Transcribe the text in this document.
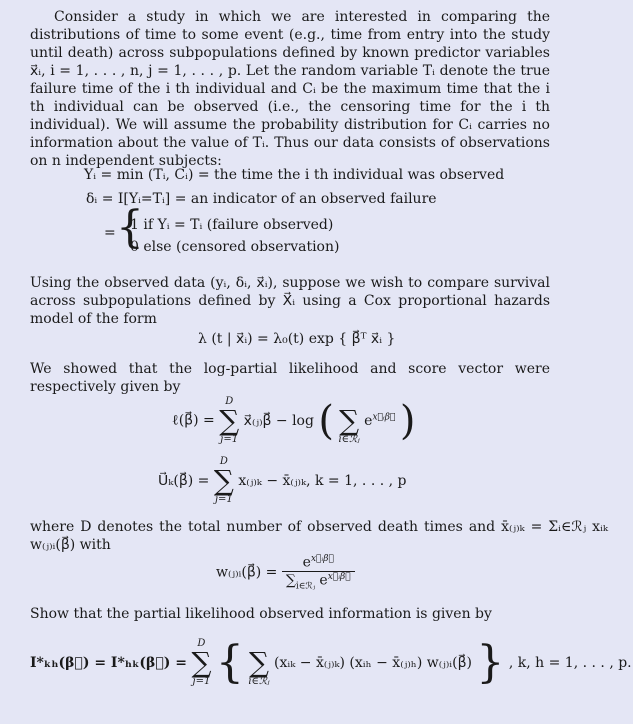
Consider a study in which we are interested in comparing the distributions of time to some event (e.g., time from entry into the study until death) across subpopulations defined by known predictor variables x⃗ᵢ, i = 1, . . . , n, j = 1, . . . , p. Let the random variable Tᵢ denote the true failure time of the i th individual and Cᵢ be the maximum time that the i th individual can be observed (i.e., the censoring time for the i th individual). We will assume the probability distribution for Cᵢ carries no information about the value of Tᵢ. Thus our data consists of observations on n independent subjects:

Yᵢ = min (Tᵢ, Cᵢ) = the time the i th individual was observed
δᵢ = I[Yᵢ=Tᵢ] = an indicator of an observed failure
= {
1 if Yᵢ = Tᵢ (failure observed)
0 else (censored observation)

Using the observed data (yᵢ, δᵢ, x⃗ᵢ), suppose we wish to compare survival across subpopulations defined by X⃗ᵢ using a Cox proportional hazards model of the form

λ (t | x⃗ᵢ) = λ₀(t) exp { β⃗ᵀ x⃗ᵢ }

We showed that the log-partial likelihood and score vector were respectively given by

ℓ(β⃗) =
D
∑
j=1
x⃗₍ⱼ₎β⃗ − log (
∑
i∈ℛⱼ
$e^{x⃗ᵢ\beta⃗}$ )
U⃗ₖ(β⃗) =
D
∑
j=1
x₍ⱼ₎ₖ − x̄₍ⱼ₎ₖ, k = 1, . . . , p

where D denotes the total number of observed death times and x̄₍ⱼ₎ₖ = Σᵢ∈ℛⱼ xᵢₖ w₍ⱼ₎ᵢ(β⃗) with

w₍ⱼ₎ᵢ(β⃗) = $\frac{e^{x⃗ᵢ\beta⃗}}{\sum_{i\in ℛⱼ} e^{x⃗ᵢ\beta⃗}}$

Show that the partial likelihood observed information is given by

I*ₖₕ(β⃗) = I*ₕₖ(β⃗) =
D
∑
j=1 {
∑
i∈ℛⱼ
(xᵢₖ − x̄₍ⱼ₎ₖ) (xᵢₕ − x̄₍ⱼ₎ₕ) w₍ⱼ₎ᵢ(β⃗) } , k, h = 1, . . . , p.
